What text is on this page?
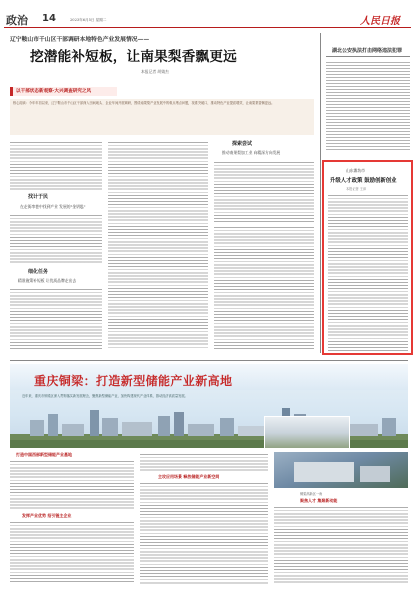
政治 14	2023年6月5日 星期二	人民日报
辽宁鞍山市千山区干部调研本地特色产业发展情况——
挖潜能补短板，让南果梨香飘更远
本报记者 胡婧杰
以干部状态新观察·大兴调查研究之风
核心阅读：今年年初以来，辽宁鞍山市千山区干部深入田间地头、企业车间开展调研，围绕南果梨产业发展中的难点堵点问题，找准突破口，推动特色产业提质增效，让南果梨香飘更远。
找计于民
在走街串巷中找到产业 发展的"金钥匙"
细化任务
精准施策补短板 让优质品牌走出去
探索尝试
推动南果梨加工业 向精深方向发展
湖北公安执法打击网络违法犯罪
山东潍坊市
升级人才政策 鼓励创新创业
本报记者 王沛
重庆铜梁：打造新型储能产业新高地
近年来，重庆市铜梁区深入贯彻落实新发展理念，聚焦新型储能产业，加快构建现代产业体系，推动经济高质量发展。
打造中国西部新型储能产业基地
发挥产业优势 招引链主企业
主攻应用场景 释放储能产业新空间
铜梁高新区一角
聚焦人才 集聚新动能
